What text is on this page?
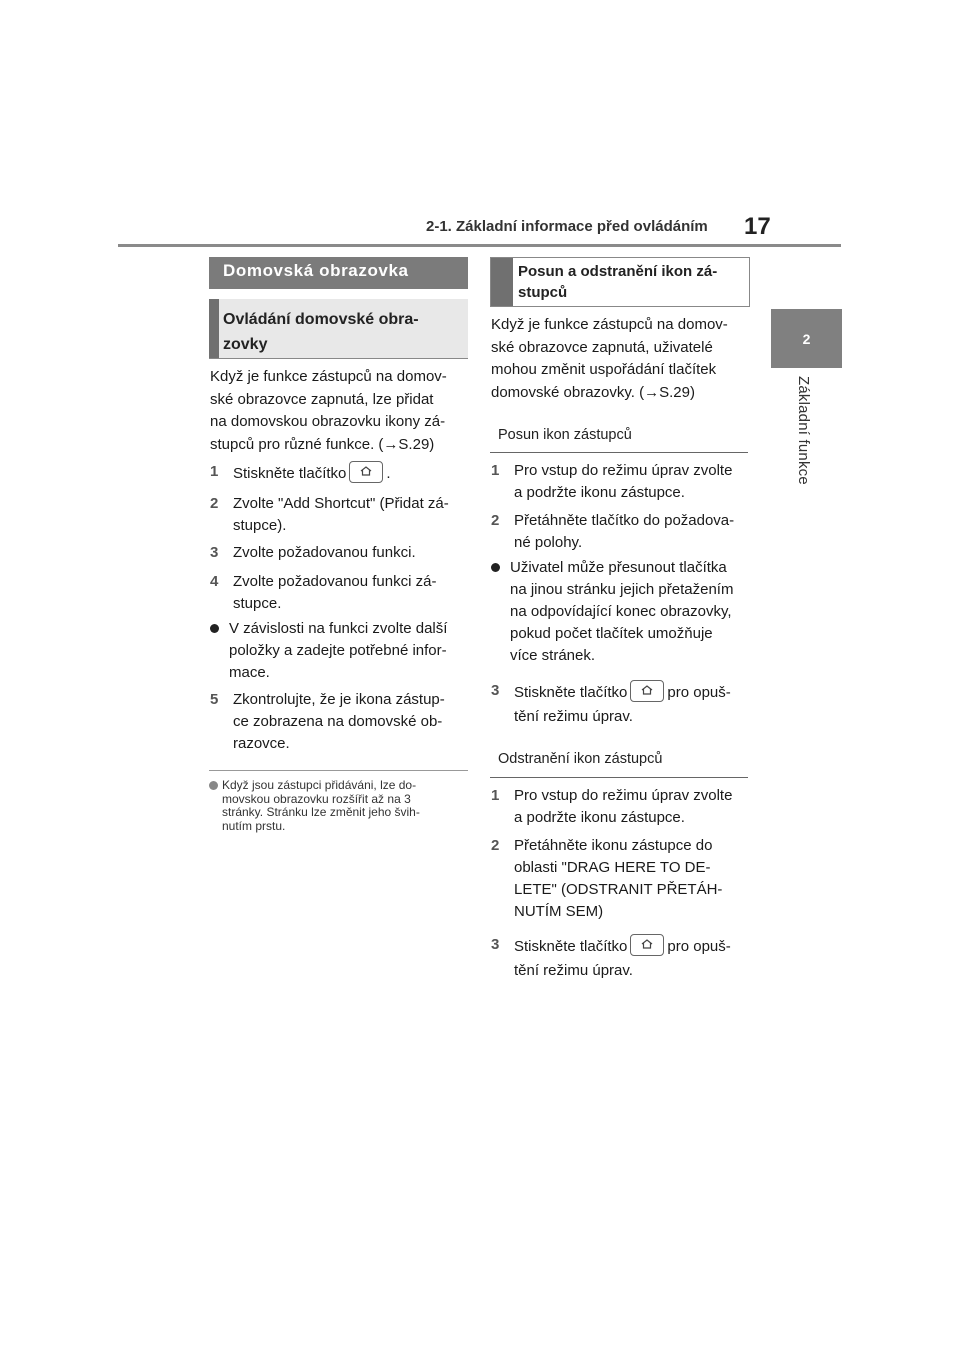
2-1. Základní informace před ovládáním 17
2
Základní funkce
Domovská obrazovka
Ovládání domovské obra-
zovky
Když je funkce zástupců na domov-
ské obrazovce zapnutá, lze přidat
na domovskou obrazovku ikony zá-
stupců pro různé funkce. (→S.29)
1 Stiskněte tlačítko	.
2 Zvolte "Add Shortcut" (Přidat zá-
stupce).
3 Zvolte požadovanou funkci.
4 Zvolte požadovanou funkci zá-
stupce.
V závislosti na funkci zvolte další
položky a zadejte potřebné infor-
mace.
5 Zkontrolujte, že je ikona zástup-
ce zobrazena na domovské ob-
razovce.
Když jsou zástupci přidáváni, lze do-
movskou obrazovku rozšířit až na 3
stránky. Stránku lze změnit jeho švih-
nutím prstu.
Posun a odstranění ikon zá-
stupců
Když je funkce zástupců na domov-
ské obrazovce zapnutá, uživatelé
mohou změnit uspořádání tlačítek
domovské obrazovky. (→S.29)
Posun ikon zástupců
1 Pro vstup do režimu úprav zvolte
a podržte ikonu zástupce.
2 Přetáhněte tlačítko do požadova-
né polohy.
Uživatel může přesunout tlačítka
na jinou stránku jejich přetažením
na odpovídající konec obrazovky,
pokud počet tlačítek umožňuje
více stránek.
3 Stiskněte tlačítko	pro opuš-
tění režimu úprav.
Odstranění ikon zástupců
1 Pro vstup do režimu úprav zvolte
a podržte ikonu zástupce.
2 Přetáhněte ikonu zástupce do
oblasti "DRAG HERE TO DE-
LETE" (ODSTRANIT PŘETÁH-
NUTÍM SEM)
3 Stiskněte tlačítko	pro opuš-
tění režimu úprav.
